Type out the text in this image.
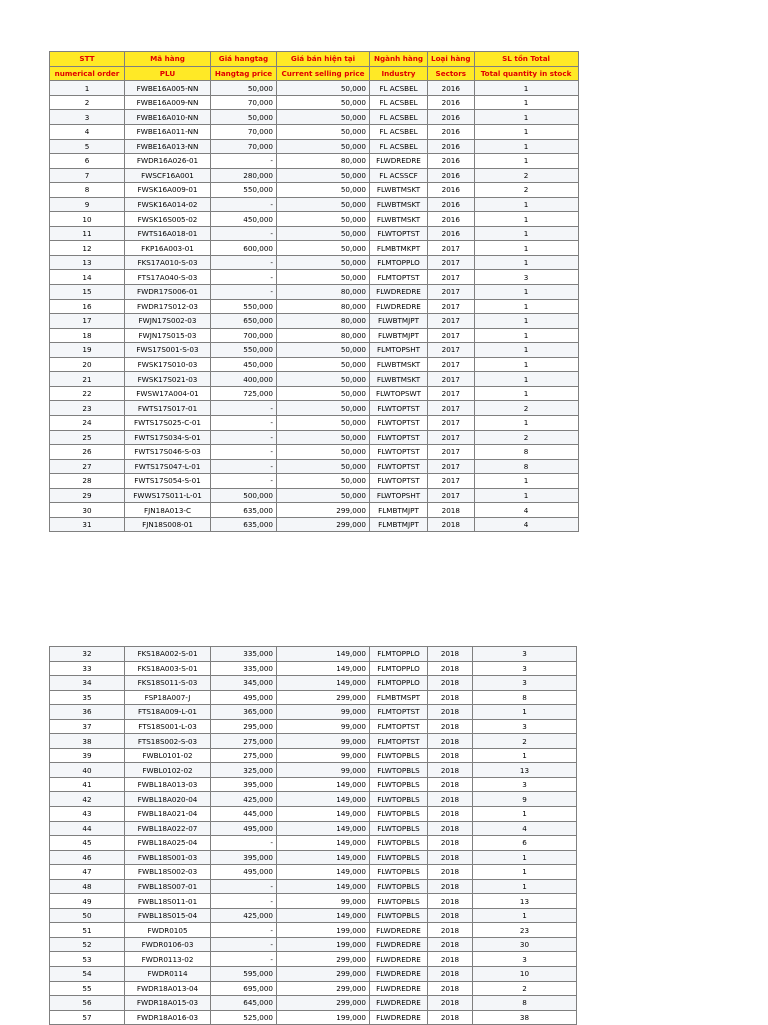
STT	Mã hàng	Giá hangtag	Giá bán hiện tại	Ngành hàng	Loại hàng	SL tồn Total
numerical order	PLU	Hangtag price	Current selling price	Industry	Sectors	Total quantity in stock
1	FWBE16A005-NN	50,000	50,000	FL ACSBEL	2016	1
2	FWBE16A009-NN	70,000	50,000	FL ACSBEL	2016	1
3	FWBE16A010-NN	50,000	50,000	FL ACSBEL	2016	1
4	FWBE16A011-NN	70,000	50,000	FL ACSBEL	2016	1
5	FWBE16A013-NN	70,000	50,000	FL ACSBEL	2016	1
6	FWDR16A026-01	-	80,000	FLWDREDRE	2016	1
7	FWSCF16A001	280,000	50,000	FL ACSSCF	2016	2
8	FWSK16A009-01	550,000	50,000	FLWBTMSKT	2016	2
9	FWSK16A014-02	-	50,000	FLWBTMSKT	2016	1
10	FWSK16S005-02	450,000	50,000	FLWBTMSKT	2016	1
11	FWTS16A018-01	-	50,000	FLWTOPTST	2016	1
12	FKP16A003-01	600,000	50,000	FLMBTMKPT	2017	1
13	FKS17A010-S-03	-	50,000	FLMTOPPLO	2017	1
14	FTS17A040-S-03	-	50,000	FLMTOPTST	2017	3
15	FWDR17S006-01	-	80,000	FLWDREDRE	2017	1
16	FWDR17S012-03	550,000	80,000	FLWDREDRE	2017	1
17	FWJN17S002-03	650,000	80,000	FLWBTMJPT	2017	1
18	FWJN17S015-03	700,000	80,000	FLWBTMJPT	2017	1
19	FWS17S001-S-03	550,000	50,000	FLMTOPSHT	2017	1
20	FWSK17S010-03	450,000	50,000	FLWBTMSKT	2017	1
21	FWSK17S021-03	400,000	50,000	FLWBTMSKT	2017	1
22	FWSW17A004-01	725,000	50,000	FLWTOPSWT	2017	1
23	FWTS17S017-01	-	50,000	FLWTOPTST	2017	2
24	FWTS17S025-C-01	-	50,000	FLWTOPTST	2017	1
25	FWTS17S034-S-01	-	50,000	FLWTOPTST	2017	2
26	FWTS17S046-S-03	-	50,000	FLWTOPTST	2017	8
27	FWTS17S047-L-01	-	50,000	FLWTOPTST	2017	8
28	FWTS17S054-S-01	-	50,000	FLWTOPTST	2017	1
29	FWWS17S011-L-01	500,000	50,000	FLWTOPSHT	2017	1
30	FJN18A013-C	635,000	299,000	FLMBTMJPT	2018	4
31	FJN18S008-01	635,000	299,000	FLMBTMJPT	2018	4
32	FKS18A002-S-01	335,000	149,000	FLMTOPPLO	2018	3
33	FKS18A003-S-01	335,000	149,000	FLMTOPPLO	2018	3
34	FKS18S011-S-03	345,000	149,000	FLMTOPPLO	2018	3
35	FSP18A007-J	495,000	299,000	FLMBTMSPT	2018	8
36	FTS18A009-L-01	365,000	99,000	FLMTOPTST	2018	1
37	FTS18S001-L-03	295,000	99,000	FLMTOPTST	2018	3
38	FTS18S002-S-03	275,000	99,000	FLMTOPTST	2018	2
39	FWBL0101-02	275,000	99,000	FLWTOPBLS	2018	1
40	FWBL0102-02	325,000	99,000	FLWTOPBLS	2018	13
41	FWBL18A013-03	395,000	149,000	FLWTOPBLS	2018	3
42	FWBL18A020-04	425,000	149,000	FLWTOPBLS	2018	9
43	FWBL18A021-04	445,000	149,000	FLWTOPBLS	2018	1
44	FWBL18A022-07	495,000	149,000	FLWTOPBLS	2018	4
45	FWBL18A025-04	-	149,000	FLWTOPBLS	2018	6
46	FWBL18S001-03	395,000	149,000	FLWTOPBLS	2018	1
47	FWBL18S002-03	495,000	149,000	FLWTOPBLS	2018	1
48	FWBL18S007-01	-	149,000	FLWTOPBLS	2018	1
49	FWBL18S011-01	-	99,000	FLWTOPBLS	2018	13
50	FWBL18S015-04	425,000	149,000	FLWTOPBLS	2018	1
51	FWDR0105	-	199,000	FLWDREDRE	2018	23
52	FWDR0106-03	-	199,000	FLWDREDRE	2018	30
53	FWDR0113-02	-	299,000	FLWDREDRE	2018	3
54	FWDR0114	595,000	299,000	FLWDREDRE	2018	10
55	FWDR18A013-04	695,000	299,000	FLWDREDRE	2018	2
56	FWDR18A015-03	645,000	299,000	FLWDREDRE	2018	8
57	FWDR18A016-03	525,000	199,000	FLWDREDRE	2018	38
